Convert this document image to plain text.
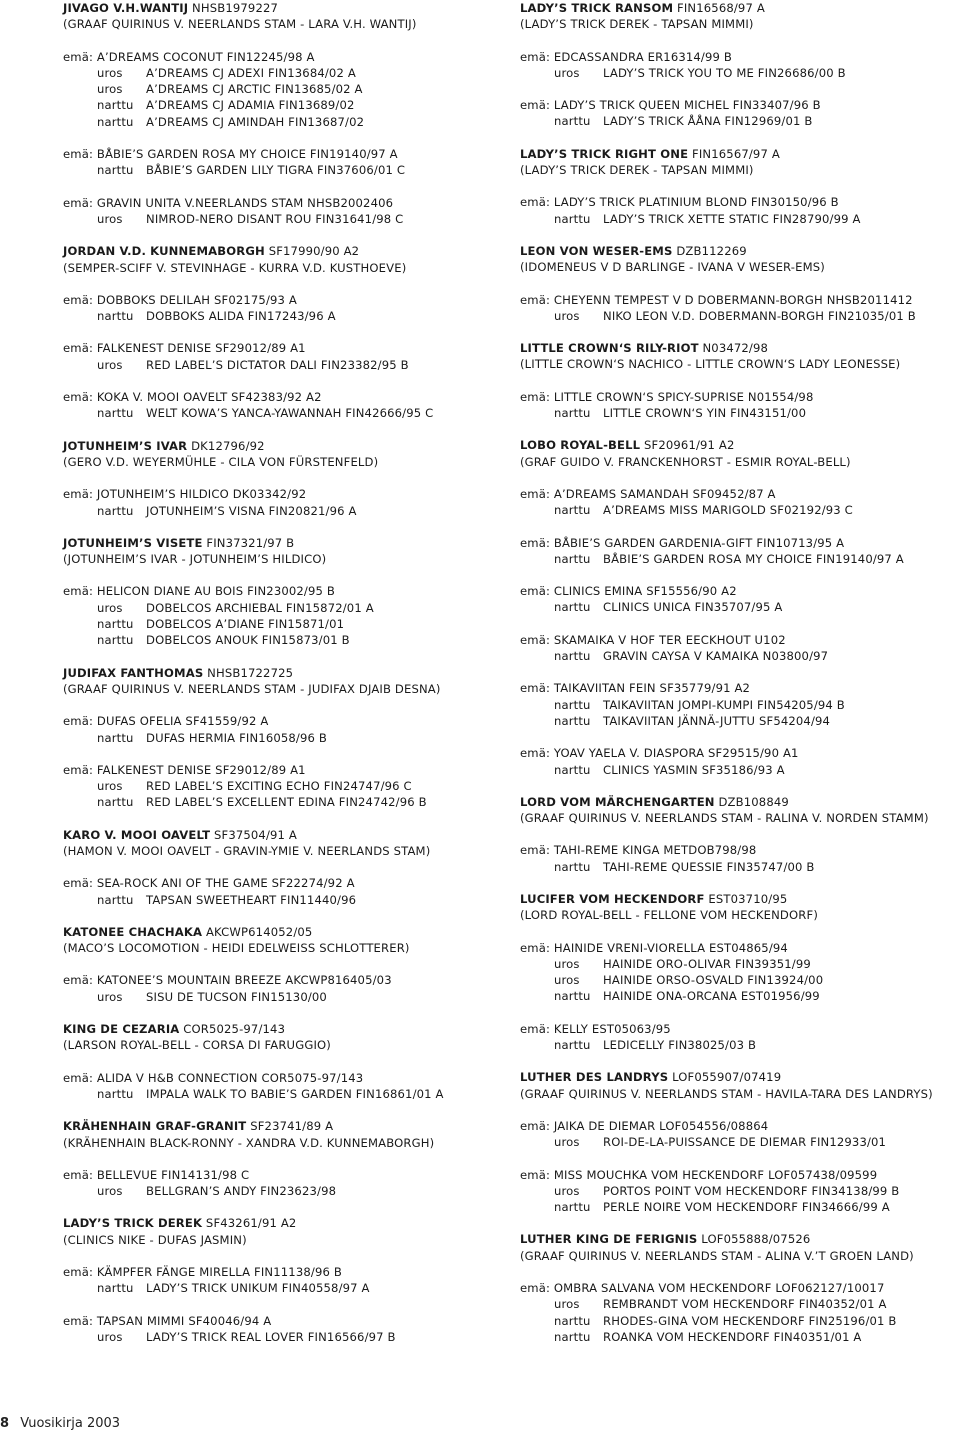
JIVAGO V.H.WANTIJ NHSB1979227
(GRAAF QUIRINUS V. NEERLANDS STAM - LARA V.H. WANTIJ)
emä: A’DREAMS COCONUT FIN12245/98 A
uros A’DREAMS CJ ADEXI FIN13684/02 A
uros A’DREAMS CJ ARCTIC FIN13685/02 A
narttu A’DREAMS CJ ADAMIA FIN13689/02
narttu A’DREAMS CJ AMINDAH FIN13687/02
emä: BÅBIE’S GARDEN ROSA MY CHOICE FIN19140/97 A
narttu BÅBIE’S GARDEN LILY TIGRA FIN37606/01 C
emä: GRAVIN UNITA V.NEERLANDS STAM NHSB2002406
uros NIMROD-NERO DISANT ROU FIN31641/98 C
JORDAN V.D. KUNNEMABORGH SF17990/90 A2
(SEMPER-SCIFF V. STEVINHAGE - KURRA V.D. KUSTHOEVE)
emä: DOBBOKS DELILAH SF02175/93 A
narttu DOBBOKS ALIDA FIN17243/96 A
emä: FALKENEST DENISE SF29012/89 A1
uros RED LABEL’S DICTATOR DALI FIN23382/95 B
emä: KOKA V. MOOI OAVELT SF42383/92 A2
narttu WELT KOWA’S YANCA-YAWANNAH FIN42666/95 C
JOTUNHEIM’S IVAR DK12796/92
(GERO V.D. WEYERMÜHLE - CILA VON FÜRSTENFELD)
emä: JOTUNHEIM’S HILDICO DK03342/92
narttu JOTUNHEIM’S VISNA FIN20821/96 A
JOTUNHEIM’S VISETE FIN37321/97 B
(JOTUNHEIM’S IVAR - JOTUNHEIM’S HILDICO)
emä: HELICON DIANE AU BOIS FIN23002/95 B
uros DOBELCOS ARCHIEBAL FIN15872/01 A
narttu DOBELCOS A’DIANE FIN15871/01
narttu DOBELCOS ANOUK FIN15873/01 B
JUDIFAX FANTHOMAS NHSB1722725
(GRAAF QUIRINUS V. NEERLANDS STAM - JUDIFAX DJAIB DESNA)
emä: DUFAS OFELIA SF41559/92 A
narttu DUFAS HERMIA FIN16058/96 B
emä: FALKENEST DENISE SF29012/89 A1
uros RED LABEL’S EXCITING ECHO FIN24747/96 C
narttu RED LABEL’S EXCELLENT EDINA FIN24742/96 B
KARO V. MOOI OAVELT SF37504/91 A
(HAMON V. MOOI OAVELT - GRAVIN-YMIE V. NEERLANDS STAM)
emä: SEA-ROCK ANI OF THE GAME SF22274/92 A
narttu TAPSAN SWEETHEART FIN11440/96
KATONEE CHACHAKA AKCWP614052/05
(MACO’S LOCOMOTION - HEIDI EDELWEISS SCHLOTTERER)
emä: KATONEE’S MOUNTAIN BREEZE AKCWP816405/03
uros SISU DE TUCSON FIN15130/00
KING DE CEZARIA COR5025-97/143
(LARSON ROYAL-BELL - CORSA DI FARUGGIO)
emä: ALIDA V H&B CONNECTION COR5075-97/143
narttu IMPALA WALK TO BABIE’S GARDEN FIN16861/01 A
KRÄHENHAIN GRAF-GRANIT SF23741/89 A
(KRÄHENHAIN BLACK-RONNY - XANDRA V.D. KUNNEMABORGH)
emä: BELLEVUE FIN14131/98 C
uros BELLGRAN’S ANDY FIN23623/98
LADY’S TRICK DEREK SF43261/91 A2
(CLINICS NIKE - DUFAS JASMIN)
emä: KÄMPFER FÄNGE MIRELLA FIN11138/96 B
narttu LADY’S TRICK UNIKUM FIN40558/97 A
emä: TAPSAN MIMMI SF40046/94 A
uros LADY’S TRICK REAL LOVER FIN16566/97 B
LADY’S TRICK RANSOM FIN16568/97 A
(LADY’S TRICK DEREK - TAPSAN MIMMI)
emä: EDCASSANDRA ER16314/99 B
uros LADY’S TRICK YOU TO ME FIN26686/00 B
emä: LADY’S TRICK QUEEN MICHEL FIN33407/96 B
narttu LADY’S TRICK ÅÅNA FIN12969/01 B
LADY’S TRICK RIGHT ONE FIN16567/97 A
(LADY’S TRICK DEREK - TAPSAN MIMMI)
emä: LADY’S TRICK PLATINIUM BLOND FIN30150/96 B
narttu LADY’S TRICK XETTE STATIC FIN28790/99 A
LEON VON WESER-EMS DZB112269
(IDOMENEUS V D BARLINGE - IVANA V WESER-EMS)
emä: CHEYENN TEMPEST V D DOBERMANN-BORGH NHSB2011412
uros NIKO LEON V.D. DOBERMANN-BORGH FIN21035/01 B
LITTLE CROWN‘S RILY-RIOT N03472/98
(LITTLE CROWN‘S NACHICO - LITTLE CROWN‘S LADY LEONESSE)
emä: LITTLE CROWN‘S SPICY-SUPRISE N01554/98
narttu LITTLE CROWN‘S YIN FIN43151/00
LOBO ROYAL-BELL SF20961/91 A2
(GRAF GUIDO V. FRANCKENHORST - ESMIR ROYAL-BELL)
emä: A’DREAMS SAMANDAH SF09452/87 A
narttu A’DREAMS MISS MARIGOLD SF02192/93 C
emä: BÅBIE’S GARDEN GARDENIA-GIFT FIN10713/95 A
narttu BÅBIE’S GARDEN ROSA MY CHOICE FIN19140/97 A
emä: CLINICS EMINA SF15556/90 A2
narttu CLINICS UNICA FIN35707/95 A
emä: SKAMAIKA V HOF TER EECKHOUT U102
narttu GRAVIN CAYSA V KAMAIKA N03800/97
emä: TAIKAVIITAN FEIN SF35779/91 A2
narttu TAIKAVIITAN JOMPI-KUMPI FIN54205/94 B
narttu TAIKAVIITAN JÄNNÄ-JUTTU SF54204/94
emä: YOAV YAELA V. DIASPORA SF29515/90 A1
narttu CLINICS YASMIN SF35186/93 A
LORD VOM MÄRCHENGARTEN DZB108849
(GRAAF QUIRINUS V. NEERLANDS STAM - RALINA V. NORDEN STAMM)
emä: TAHI-REME KINGA METDOB798/98
narttu TAHI-REME QUESSIE FIN35747/00 B
LUCIFER VOM HECKENDORF EST03710/95
(LORD ROYAL-BELL - FELLONE VOM HECKENDORF)
emä: HAINIDE VRENI-VIORELLA EST04865/94
uros HAINIDE ORO-OLIVAR FIN39351/99
uros HAINIDE ORSO-OSVALD FIN13924/00
narttu HAINIDE ONA-ORCANA EST01956/99
emä: KELLY EST05063/95
narttu LEDICELLY FIN38025/03 B
LUTHER DES LANDRYS LOF055907/07419
(GRAAF QUIRINUS V. NEERLANDS STAM - HAVILA-TARA DES LANDRYS)
emä: JAIKA DE DIEMAR LOF054556/08864
uros ROI-DE-LA-PUISSANCE DE DIEMAR FIN12933/01
emä: MISS MOUCHKA VOM HECKENDORF LOF057438/09599
uros PORTOS POINT VOM HECKENDORF FIN34138/99 B
narttu PERLE NOIRE VOM HECKENDORF FIN34666/99 A
LUTHER KING DE FERIGNIS LOF055888/07526
(GRAAF QUIRINUS V. NEERLANDS STAM - ALINA V.’T GROEN LAND)
emä: OMBRA SALVANA VOM HECKENDORF LOF062127/10017
uros REMBRANDT VOM HECKENDORF FIN40352/01 A
narttu RHODES-GINA VOM HECKENDORF FIN25196/01 B
narttu ROANKA VOM HECKENDORF FIN40351/01 A
8 Vuosikirja 2003
